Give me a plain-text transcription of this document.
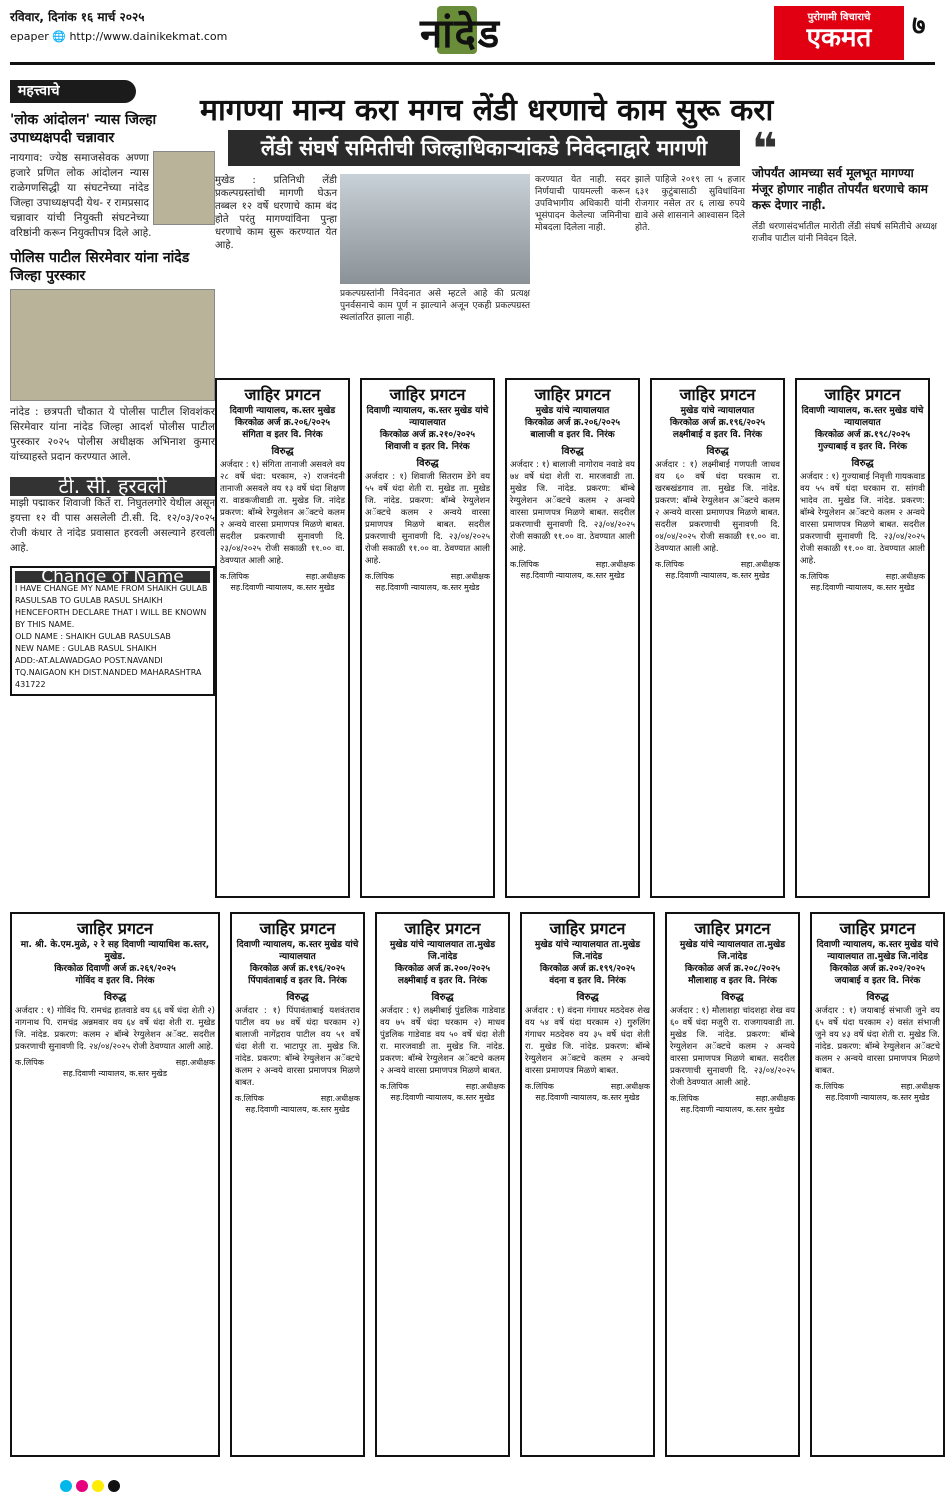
रविवार, दिनांक १६ मार्च २०२५
epaper 🌐 http://www.dainikekmat.com	नांदेड	पुरोगामी विचाराचे
एकमत	७
महत्त्वाचे
'लोक आंदोलन' न्यास जिल्हा उपाध्यक्षपदी चन्नावार
नायगाव: ज्येष्ठ समाजसेवक अण्णा हजारे प्रणित लोक आंदोलन न्यास राळेगणसिद्धी या संघटनेच्या नांदेड जिल्हा उपाध्यक्षपदी येथ- र रामप्रसाद चन्नावार यांची नियुक्ती संघटनेच्या वरिष्ठांनी करून नियुक्तीपत्र दिले आहे.
पोलिस पाटील सिरमेवार यांना नांदेड जिल्हा पुरस्कार
नांदेड : छत्रपती चौकात ये पोलीस पाटील शिवशंकर सिरमेवार यांना नांदेड जिल्हा आदर्श पोलीस पाटील पुरस्कार २०२५ पोलीस अधीक्षक अभिनाश कुमार यांच्याहस्ते प्रदान करण्यात आले.
टी. सी. हरवली
माझी पद्माकर शिवाजी किर्ते रा. निघुतलगोरे येथील असून इयत्ता १२ वी पास असलेली टी.सी. दि. १२/०३/२०२५ रोजी कंधार ते नांदेड प्रवासात हरवली असल्याने हरवली आहे.
Change of Name
I HAVE CHANGE MY NAME FROM SHAIKH GULAB RASULSAB TO GULAB RASUL SHAIKH HENCEFORTH DECLARE THAT I WILL BE KNOWN BY THIS NAME.
OLD NAME : SHAIKH GULAB RASULSAB
NEW NAME : GULAB RASUL SHAIKH
ADD:-AT.ALAWADGAO POST.NAVANDI TQ.NAIGAON KH DIST.NANDED MAHARASHTRA 431722
मागण्या मान्य करा मगच लेंडी धरणाचे काम सुरू करा
लेंडी संघर्ष समितीची जिल्हाधिकाऱ्यांकडे निवेदनाद्वारे मागणी
मुखेड : प्रतिनिधी लेंडी प्रकल्पग्रस्तांची मागणी घेऊन तब्बल १२ वर्षे धरणाचे काम बंद होते परंतु मागण्यांविना पुन्हा धरणाचे काम सुरू करण्यात येत आहे.
प्रकल्पग्रस्तांनी निवेदनात असे म्हटले आहे की प्रत्यक्ष पुनर्वसनाचे काम पूर्ण न झाल्याने अजून एकही प्रकल्पग्रस्त स्थलांतरित झाला नाही.
करण्यात येत नाही. सदर निर्णयाची पायमल्ली करून उपविभागीय अधिकारी यांनी भूसंपादन केलेल्या जमिनीचा मोबदला दिलेला नाही.
झाले पाहिजे २०१९ ला ५ हजार ६३१ कुटुंबासाठी सुविधांविना रोजगार नसेल तर ६ लाख रुपये द्यावे असे शासनाने आश्वासन दिले होते.
❝
जोपर्यंत आमच्या सर्व मूलभूत मागण्या मंजूर होणार नाहीत तोपर्यंत धरणाचे काम करू देणार नाही.
लेंडी धरणासंदर्भातील मारोती लेंडी संघर्ष समितीचे अध्यक्ष राजीव पाटील यांनी निवेदन दिले.
जाहिर प्रगटन
दिवाणी न्यायालय, क.स्तर मुखेड
किरकोळ अर्ज क्र.२०६/२०२५
संगिता व इतर वि. निरंक
विरुद्ध
अर्जदार : १) संगिता तानाजी असवले वय २८ वर्षे धंदा: घरकाम, २) राजनंदनी तानाजी असवले वय १३ वर्षे धंदा शिक्षण रा. वाडकजीवाडी ता. मुखेड जि. नांदेड प्रकरण: बॉम्बे रेग्युलेशन अॅक्टचे कलम २ अन्वये वारसा प्रमाणपत्र मिळणे बाबत. सदरील प्रकरणाची सुनावणी दि. २३/०४/२०२५ रोजी सकाळी ११.०० वा. ठेवण्यात आली आहे.
क.लिपिक	सहा.अधीक्षक
सह.दिवाणी न्यायालय, क.स्तर मुखेड
जाहिर प्रगटन
दिवाणी न्यायालय, क.स्तर मुखेड यांचे न्यायालयात
किरकोळ अर्ज क्र.२१०/२०२५
शिवाजी व इतर वि. निरंक
विरुद्ध
अर्जदार : १) शिवाजी सितराम डेंगे वय ५५ वर्षे धंदा शेती रा. मुखेड ता. मुखेड जि. नांदेड. प्रकरण: बॉम्बे रेग्युलेशन अॅक्टचे कलम २ अन्वये वारसा प्रमाणपत्र मिळणे बाबत. सदरील प्रकरणाची सुनावणी दि. २३/०४/२०२५ रोजी सकाळी ११.०० वा. ठेवण्यात आली आहे.
क.लिपिक	सहा.अधीक्षक
सह.दिवाणी न्यायालय, क.स्तर मुखेड
जाहिर प्रगटन
मुखेड यांचे न्यायालयात
किरकोळ अर्ज क्र.२०६/२०२५
बालाजी व इतर वि. निरंक
विरुद्ध
अर्जदार : १) बालाजी नागोराव नवाडे वय ७४ वर्षे धंदा शेती रा. मारजवाडी ता. मुखेड जि. नांदेड. प्रकरण: बॉम्बे रेग्युलेशन अॅक्टचे कलम २ अन्वये वारसा प्रमाणपत्र मिळणे बाबत. सदरील प्रकरणाची सुनावणी दि. २३/०४/२०२५ रोजी सकाळी ११.०० वा. ठेवण्यात आली आहे.
क.लिपिक	सहा.अधीक्षक
सह.दिवाणी न्यायालय, क.स्तर मुखेड
जाहिर प्रगटन
मुखेड यांचे न्यायालयात
किरकोळ अर्ज क्र.१९६/२०२५
लक्ष्मीबाई व इतर वि. निरंक
विरुद्ध
अर्जदार : १) लक्ष्मीबाई गणपती जाधव वय ६० वर्षे धंदा घरकाम रा. खरबखंडगाव ता. मुखेड जि. नांदेड. प्रकरण: बॉम्बे रेग्युलेशन अॅक्टचे कलम २ अन्वये वारसा प्रमाणपत्र मिळणे बाबत. सदरील प्रकरणाची सुनावणी दि. ०४/०४/२०२५ रोजी सकाळी ११.०० वा. ठेवण्यात आली आहे.
क.लिपिक	सहा.अधीक्षक
सह.दिवाणी न्यायालय, क.स्तर मुखेड
जाहिर प्रगटन
दिवाणी न्यायालय, क.स्तर मुखेड यांचे न्यायालयात
किरकोळ अर्ज क्र.१९८/२०२५
गुज्याबाई व इतर वि. निरंक
विरुद्ध
अर्जदार : १) गुज्याबाई निवृत्ती गायकवाड वय ५५ वर्षे धंदा घरकाम रा. सांगवी भादेव ता. मुखेड जि. नांदेड. प्रकरण: बॉम्बे रेग्युलेशन अॅक्टचे कलम २ अन्वये वारसा प्रमाणपत्र मिळणे बाबत. सदरील प्रकरणाची सुनावणी दि. २३/०४/२०२५ रोजी सकाळी ११.०० वा. ठेवण्यात आली आहे.
क.लिपिक	सहा.अधीक्षक
सह.दिवाणी न्यायालय, क.स्तर मुखेड
जाहिर प्रगटन
मा. श्री. के.एम.मुळे, २ रे सह दिवाणी न्यायाधिश क.स्तर, मुखेड.
किरकोळ दिवाणी अर्ज क्र.२६९/२०२५
गोविंद व इतर वि. निरंक
विरुद्ध
अर्जदार : १) गोविंद पि. रामचंद्र हातवाडे वय ६६ वर्षे धंदा शेती २) नागनाथ पि. रामचंद्र अन्नमवार वय ६४ वर्षे धंदा शेती रा. मुखेड जि. नांदेड. प्रकरण: कलम २ बॉम्बे रेग्युलेशन अॅक्ट. सदरील प्रकरणाची सुनावणी दि. २४/०४/२०२५ रोजी ठेवण्यात आली आहे.
क.लिपिक	सहा.अधीक्षक
सह.दिवाणी न्यायालय, क.स्तर मुखेड
जाहिर प्रगटन
दिवाणी न्यायालय, क.स्तर मुखेड यांचे न्यायालयात
किरकोळ अर्ज क्र.१९६/२०२५
पिंपावंताबाई व इतर वि. निरंक
विरुद्ध
अर्जदार : १) पिंपावंताबाई यशवंतराव पाटील वय ७४ वर्षे धंदा घरकाम २) बालाजी नागेंद्रराव पाटील वय ५१ वर्षे धंदा शेती रा. भाटापूर ता. मुखेड जि. नांदेड. प्रकरण: बॉम्बे रेग्युलेशन अॅक्टचे कलम २ अन्वये वारसा प्रमाणपत्र मिळणे बाबत.
क.लिपिक	सहा.अधीक्षक
सह.दिवाणी न्यायालय, क.स्तर मुखेड
जाहिर प्रगटन
मुखेड यांचे न्यायालयात ता.मुखेड जि.नांदेड
किरकोळ अर्ज क्र.२००/२०२५
लक्ष्मीबाई व इतर वि. निरंक
विरुद्ध
अर्जदार : १) लक्ष्मीबाई पुंडलिक गाडेवाड वय ७५ वर्षे धंदा घरकाम २) माधव पुंडलिक गाडेवाड वय ५० वर्षे धंदा शेती रा. मारजवाडी ता. मुखेड जि. नांदेड. प्रकरण: बॉम्बे रेग्युलेशन अॅक्टचे कलम २ अन्वये वारसा प्रमाणपत्र मिळणे बाबत.
क.लिपिक	सहा.अधीक्षक
सह.दिवाणी न्यायालय, क.स्तर मुखेड
जाहिर प्रगटन
मुखेड यांचे न्यायालयात ता.मुखेड जि.नांदेड
किरकोळ अर्ज क्र.१९९/२०२५
वंदना व इतर वि. निरंक
विरुद्ध
अर्जदार : १) वंदना गंगाधर मठदेवरु शेख वय ५४ वर्षे धंदा घरकाम २) गुरुलिंग गंगाधर मठदेवरु वय ३५ वर्षे धंदा शेती रा. मुखेड जि. नांदेड. प्रकरण: बॉम्बे रेग्युलेशन अॅक्टचे कलम २ अन्वये वारसा प्रमाणपत्र मिळणे बाबत.
क.लिपिक	सहा.अधीक्षक
सह.दिवाणी न्यायालय, क.स्तर मुखेड
जाहिर प्रगटन
मुखेड यांचे न्यायालयात ता.मुखेड जि.नांदेड
किरकोळ अर्ज क्र.२०८/२०२५
मौलाशाह व इतर वि. निरंक
विरुद्ध
अर्जदार : १) मौलाशहा चांदशहा शेख वय ६० वर्षे धंदा मजुरी रा. राजगायवाडी ता. मुखेड जि. नांदेड. प्रकरण: बॉम्बे रेग्युलेशन अॅक्टचे कलम २ अन्वये वारसा प्रमाणपत्र मिळणे बाबत. सदरील प्रकरणाची सुनावणी दि. २३/०४/२०२५ रोजी ठेवण्यात आली आहे.
क.लिपिक	सहा.अधीक्षक
सह.दिवाणी न्यायालय, क.स्तर मुखेड
जाहिर प्रगटन
दिवाणी न्यायालय, क.स्तर मुखेड यांचे न्यायालयात ता.मुखेड जि.नांदेड
किरकोळ अर्ज क्र.२०२/२०२५
जयाबाई व इतर वि. निरंक
विरुद्ध
अर्जदार : १) जयाबाई संभाजी जुने वय ६५ वर्षे धंदा घरकाम २) वसंत संभाजी जुने वय ४३ वर्षे धंदा शेती रा. मुखेड जि. नांदेड. प्रकरण: बॉम्बे रेग्युलेशन अॅक्टचे कलम २ अन्वये वारसा प्रमाणपत्र मिळणे बाबत.
क.लिपिक	सहा.अधीक्षक
सह.दिवाणी न्यायालय, क.स्तर मुखेड
